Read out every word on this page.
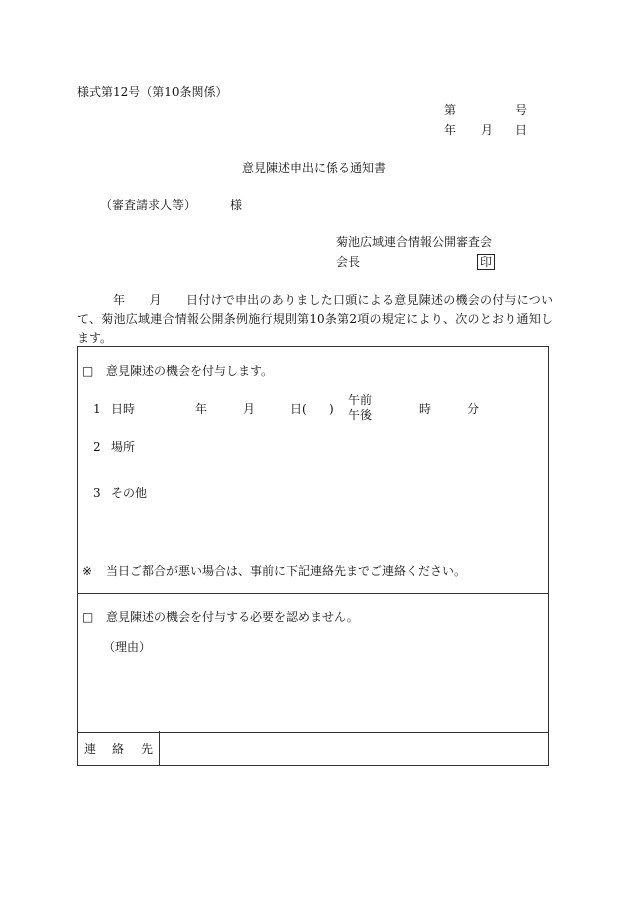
様式第12号（第10条関係）
第	号
年 月 日
意見陳述申出に係る通知書
（審査請求人等）	様
菊池広域連合情報公開審査会
会長	印
年 月 日付けで申出のありました口頭による意見陳述の機会の付与について、菊池広域連合情報公開条例施行規則第10条第2項の規定により、次のとおり通知します。
□ 意見陳述の機会を付与します。
1 日時	年	月	日( )
午前
午後	時	分
2 場所
3 その他
※ 当日ご都合が悪い場合は、事前に下記連絡先までご連絡ください。
□ 意見陳述の機会を付与する必要を認めません。
（理由）
連 絡 先
